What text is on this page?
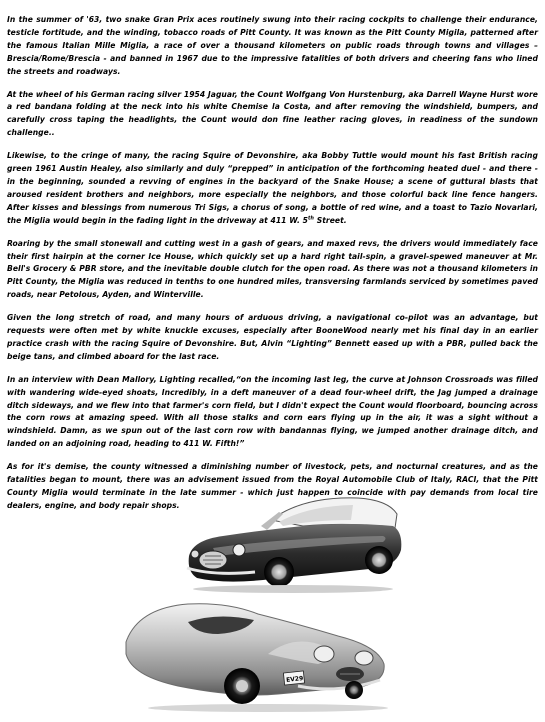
In the summer of '63, two snake Gran Prix aces routinely swung into their racing cockpits to challenge their endurance, testicle fortitude, and the winding, tobacco roads of Pitt County. It was known as the Pitt County Migila, patterned after the famous Italian Mille Miglia, a race of over a thousand kilometers on public roads through towns and villages – Brescia/Rome/Brescia - and banned in 1967 due to the impressive fatalities of both drivers and cheering fans who lined the streets and roadways.

At the wheel of his German racing silver 1954 Jaguar, the Count Wolfgang Von Hurstenburg, aka Darrell Wayne Hurst wore a red bandana folding at the neck into his white Chemise la Costa, and after removing the windshield, bumpers, and carefully cross taping the headlights, the Count would don fine leather racing gloves, in readiness of the sundown challenge..

Likewise, to the cringe of many, the racing Squire of Devonshire, aka Bobby Tuttle would mount his fast British racing green 1961 Austin Healey, also similarly and duly “prepped” in anticipation of the forthcoming heated duel - and there - in the beginning, sounded a revving of engines in the backyard of the Snake House; a scene of guttural blasts that aroused resident brothers and neighbors, more especially the neighbors, and those colorful back line fence hangers. After kisses and blessings from numerous Tri Sigs, a chorus of song, a bottle of red wine, and a toast to Tazio Novarlari, the Miglia would begin in the fading light in the driveway at 411 W. 5th Street.

Roaring by the small stonewall and cutting west in a gash of gears, and maxed revs, the drivers would immediately face their first hairpin at the corner Ice House, which quickly set up a hard right tail-spin, a gravel-spewed maneuver at Mr. Bell's Grocery & PBR store, and the inevitable double clutch for the open road. As there was not a thousand kilometers in Pitt County, the Miglia was reduced in tenths to one hundred miles, transversing farmlands serviced by sometimes paved roads, near Petolous, Ayden, and Winterville.

Given the long stretch of road, and many hours of arduous driving, a navigational co-pilot was an advantage, but requests were often met by white knuckle excuses, especially after BooneWood nearly met his final day in an earlier practice crash with the racing Squire of Devonshire. But, Alvin “Lighting” Bennett eased up with a PBR, pulled back the beige tans, and climbed aboard for the last race.

In an interview with Dean Mallory, Lighting recalled,“on the incoming last leg, the curve at Johnson Crossroads was filled with wandering wide-eyed shoats, Incredibly, in a deft maneuver of a dead four-wheel drift, the Jag jumped a drainage ditch sideways, and we flew into that farmer's corn field, but I didn't expect the Count would floorboard, bouncing across the corn rows at amazing speed. With all those stalks and corn ears flying up in the air, it was a sight without a windshield. Damn, as we spun out of the last corn row with bandannas flying, we jumped another drainage ditch, and landed on an adjoining road, heading to 411 W. Fifth!”

As for it's demise, the county witnessed a diminishing number of livestock, pets, and nocturnal creatures, and as the fatalities began to mount, there was an advisement issued from the Royal Automobile Club of Italy, RACI, that the Pitt County Miglia would terminate in the late summer - which just happen to coincide with pay demands from local tire dealers, engine, and body repair shops.

EV29
